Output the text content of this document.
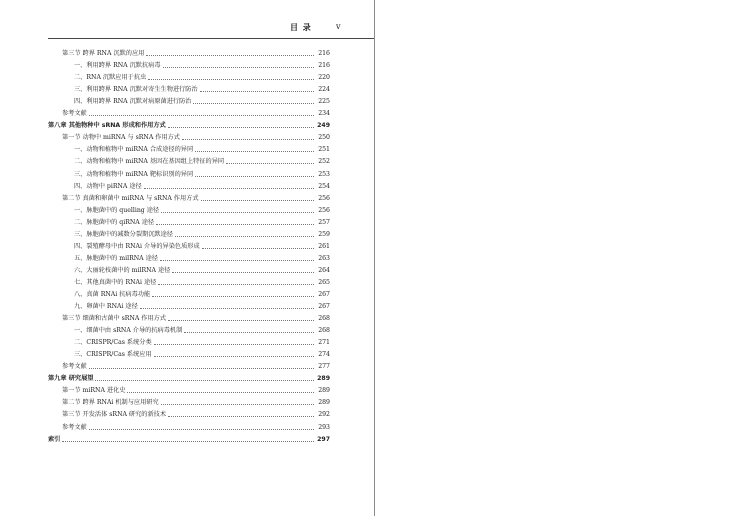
目 录	v
第三节 跨界 RNA 沉默的应用	216
一、利用跨界 RNA 沉默抗病毒	216
二、RNA 沉默应用于抗虫	220
三、利用跨界 RNA 沉默对寄生生物进行防治	224
四、利用跨界 RNA 沉默对病原菌进行防治	225
参考文献	234
第八章 其他物种中 sRNA 形成和作用方式	249
第一节 动物中 miRNA 与 sRNA 作用方式	250
一、动物和植物中 miRNA 合成途径的异同	251
二、动物和植物中 miRNA 基因在基因组上特征的异同	252
三、动物和植物中 miRNA 靶标识别的异同	253
四、动物中 piRNA 途径	254
第二节 真菌和卵菌中 miRNA 与 sRNA 作用方式	256
一、脉胞菌中的 quelling 途径	256
二、脉胞菌中的 qiRNA 途径	257
三、脉胞菌中的减数分裂期沉默途径	259
四、裂殖酵母中由 RNAi 介导的异染色质形成	261
五、脉胞菌中的 milRNA 途径	263
六、大丽轮枝菌中的 milRNA 途径	264
七、其他真菌中的 RNAi 途径	265
八、真菌 RNAi 抗病毒功能	267
九、卵菌中 RNAi 途径	267
第三节 细菌和古菌中 sRNA 作用方式	268
一、细菌中由 sRNA 介导的抗病毒机制	268
二、CRISPR/Cas 系统分类	271
三、CRISPR/Cas 系统应用	274
参考文献	277
第九章 研究展望	289
第一节 miRNA 进化史	289
第二节 跨界 RNAi 机制与应用研究	289
第三节 开发活体 sRNA 研究的新技术	292
参考文献	293
索引	297
